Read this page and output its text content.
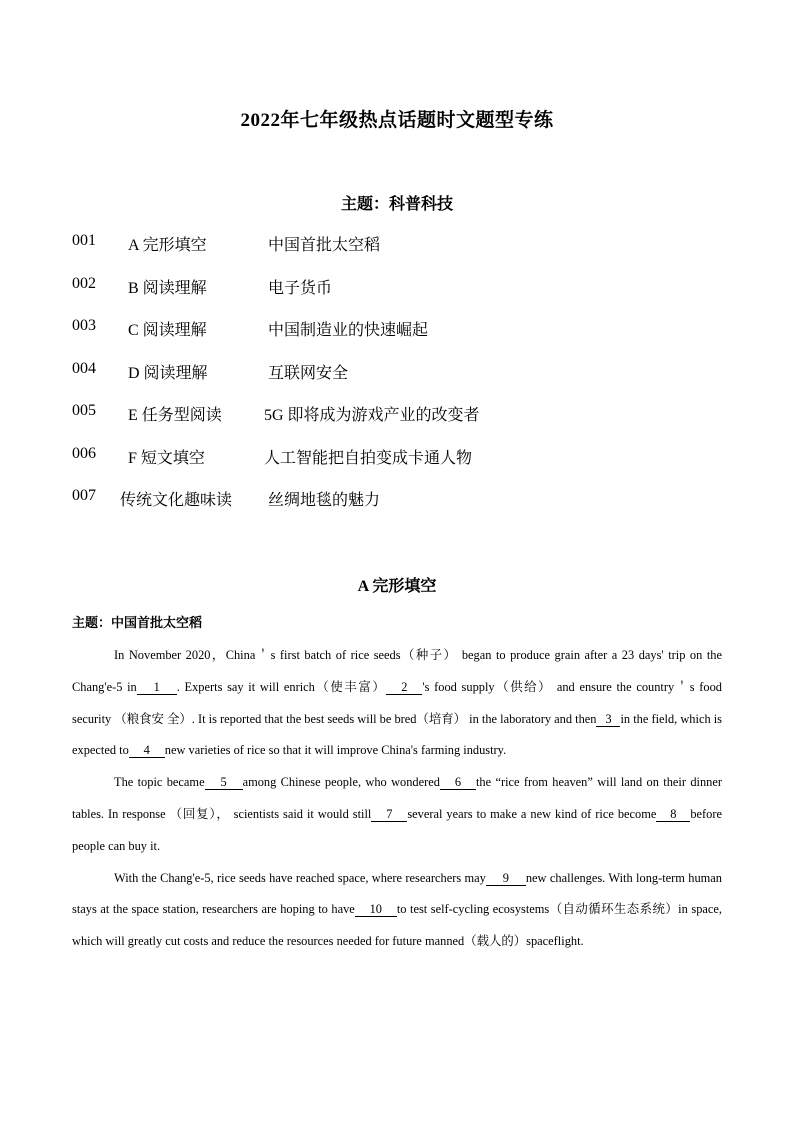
2022年七年级热点话题时文题型专练
主题：科普科技
001 A 完形填空	中国首批太空稻
002 B 阅读理解	电子货币
003 C 阅读理解	中国制造业的快速崛起
004 D 阅读理解	互联网安全
005 E 任务型阅读	5G 即将成为游戏产业的改变者
006 F 短文填空	人工智能把自拍变成卡通人物
007 传统文化趣味读 丝绸地毯的魅力
A 完形填空
主题：中国首批太空稻

In November 2020，China＇s first batch of rice seeds（种子） began to produce grain after a 23 days' trip on the Chang'e-5 in 1 . Experts say it will enrich（使丰富） 2 's food supply（供给） and ensure the country＇s food security （粮食安 全）. It is reported that the best seeds will be bred（培育） in the laboratory and then 3 in the field, which is expected to 4 new varieties of rice so that it will improve China's farming industry.

The topic became 5 among Chinese people, who wondered 6 the “rice from heaven” will land on their dinner tables. In response （回复）， scientists said it would still 7 several years to make a new kind of rice become 8 before people can buy it.

With the Chang'e-5, rice seeds have reached space, where researchers may 9 new challenges. With long-term human stays at the space station, researchers are hoping to have 10 to test self-cycling ecosystems（自动循环生态系统）in space, which will greatly cut costs and reduce the resources needed for future manned（载人的）spaceflight.
